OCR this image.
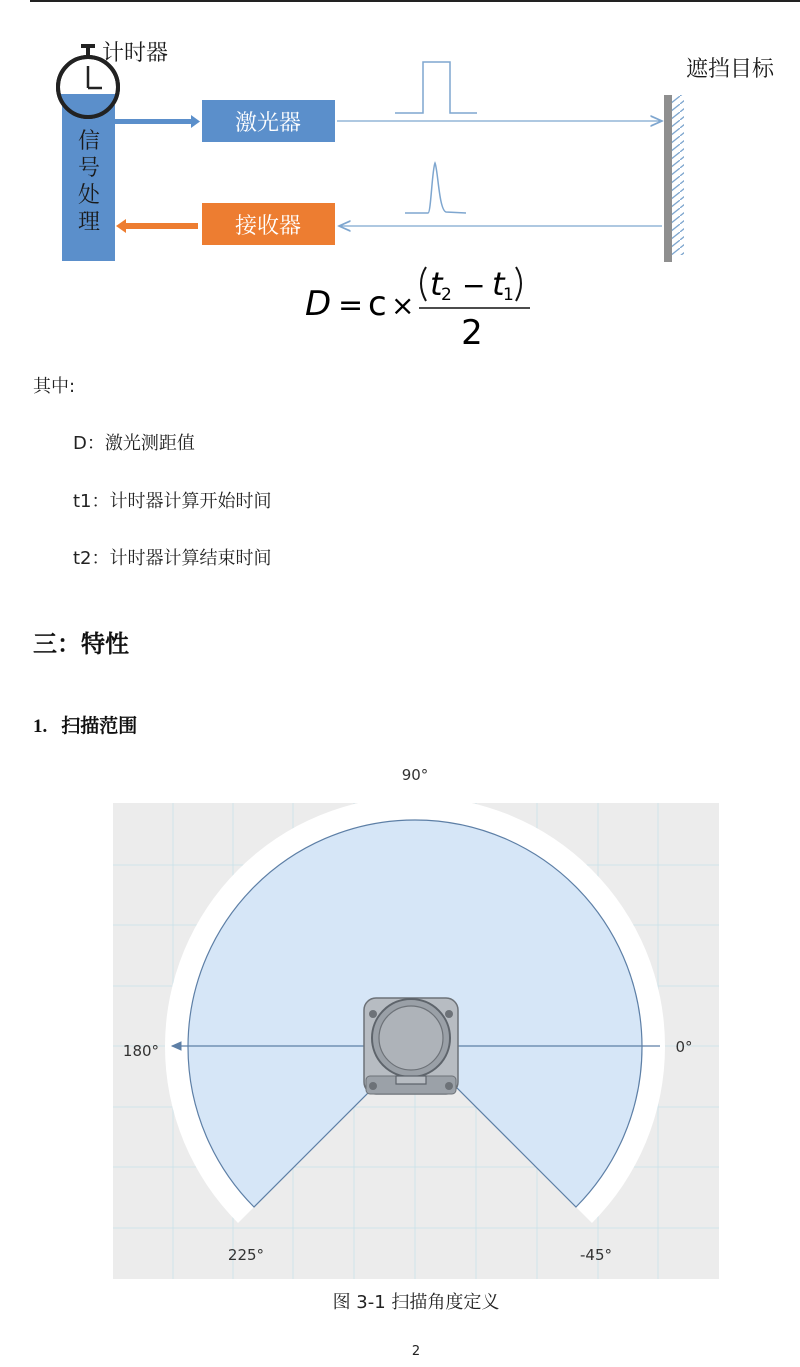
信
号
处
理
计时器
激光器
接收器
遮挡目标
D = c ×
t
2 − t
1
2
其中:
D：激光测距值
t1：计时器计算开始时间
t2：计时器计算结束时间
三：特性
1. 扫描范围
90°
180°	0°
225°	-45°
图 3-1 扫描角度定义
2
